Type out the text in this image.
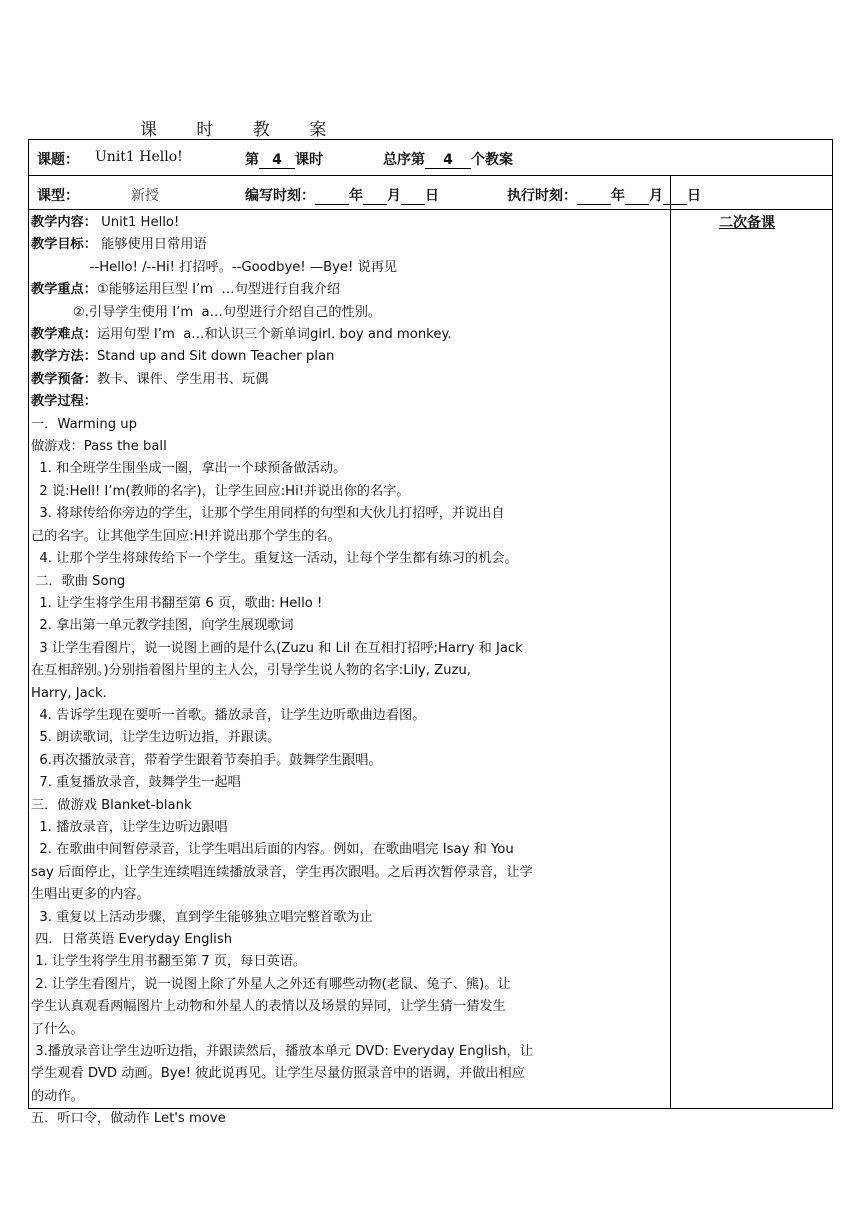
课 时 教 案
课题： Unit1 Hello!	第 4 课时	总序第 4 个教案
课型：	新授	编写时刻： 年 月 日	执行时刻： 年 月 日
教学内容： Unit1 Hello!
教学目标： 能够使用日常用语
--Hello! /--Hi! 打招呼。--Goodbye! —Bye! 说再见
教学重点：①能够运用巨型 I’m  …句型进行自我介绍
②.引导学生使用 I’m  a…句型进行介绍自己的性别。
教学难点：运用句型 I’m  a…和认识三个新单词girl. boy and monkey.
教学方法：Stand up and Sit down Teacher plan
教学预备：教卡、课件、学生用书、玩偶
教学过程：
一．Warming up
做游戏：Pass the ball
1. 和全班学生围坐成一圈，拿出一个球预备做活动。
2 说:Hell! I’m(教师的名字)，让学生回应:Hi!并说出你的名字。
3. 将球传给你旁边的学生，让那个学生用同样的句型和大伙儿打招呼，并说出自
己的名字。让其他学生回应:H!并说出那个学生的名。
4. 让那个学生将球传给下一个学生。重复这一活动，让每个学生都有练习的机会。
二．歌曲 Song
1. 让学生将学生用书翻至第 6 页，歌曲: Hello !
2. 拿出第一单元教学挂图，向学生展现歌词
3 让学生看图片，说一说图上画的是什么(Zuzu 和 Lil 在互相打招呼;Harry 和 Jack
在互相辞别。)分别指着图片里的主人公，引导学生说人物的名字:Lily, Zuzu,
Harry, Jack.
4. 告诉学生现在要听一首歌。播放录音，让学生边听歌曲边看图。
5. 朗读歌词，让学生边听边指，并跟读。
6.再次播放录音，带着学生跟着节奏拍手。鼓舞学生跟唱。
7. 重复播放录音，鼓舞学生一起唱
三．做游戏 Blanket-blank
1. 播放录音，让学生边听边跟唱
2. 在歌曲中间暂停录音，让学生唱出后面的内容。例如，在歌曲唱完 Isay 和 You
say 后面停止，让学生连续唱连续播放录音，学生再次跟唱。之后再次暂停录音，让学
生唱出更多的内容。
3. 重复以上活动步骤，直到学生能够独立唱完整首歌为止
四．日常英语 Everyday English
1. 让学生将学生用书翻至第 7 页，每日英语。
2. 让学生看图片，说一说图上除了外星人之外还有哪些动物(老鼠、兔子、熊)。让
学生认真观看两幅图片上动物和外星人的表情以及场景的异同，让学生猜一猜发生
了什么。
3.播放录音让学生边听边指，并跟读然后，播放本单元 DVD: Everyday English，让
学生观看 DVD 动画。Bye! 彼此说再见。让学生尽量仿照录音中的语调，并做出相应
的动作。
五．听口令，做动作 Let's move
二次备课
